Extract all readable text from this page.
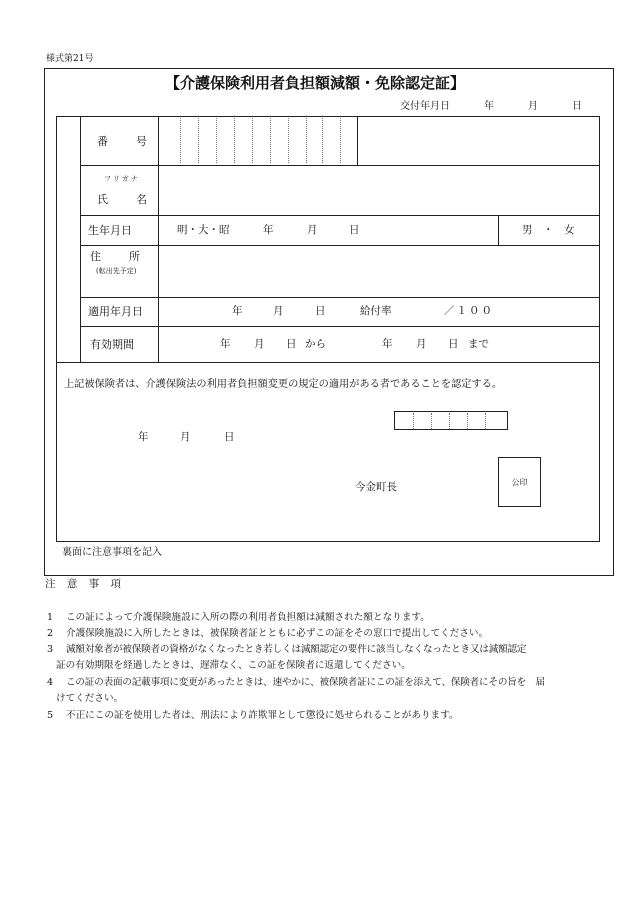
様式第21号
【介護保険利用者負担額減額・免除認定証】
交付年月日	年	月	日
番　　号
フリガナ
氏　　名
生年月日	明・大・昭	年	月	日	男　・　女
住　　所
(転出先予定)
適用年月日	年	月	日	給付率	／１００
有効期間	年 月 日 から	年 月 日 まで
上記被保険者は、介護保険法の利用者負担額変更の規定の適用がある者であることを認定する。
年	月	日
今金町長	公印
裏面に注意事項を記入
注 意 事 項
1 この証によって介護保険施設に入所の際の利用者負担額は減額された額となります。
2 介護保険施設に入所したときは、被保険者証とともに必ずこの証をその窓口で提出してください。
3 減額対象者が被保険者の資格がなくなったとき若しくは減額認定の要件に該当しなくなったとき又は減額認定
証の有効期限を経過したときは、遅滞なく、この証を保険者に返還してください。
4 この証の表面の記載事項に変更があったときは、速やかに、被保険者証にこの証を添えて、保険者にその旨を　届
けてください。
5 不正にこの証を使用した者は、刑法により詐欺罪として懲役に処せられることがあります。
